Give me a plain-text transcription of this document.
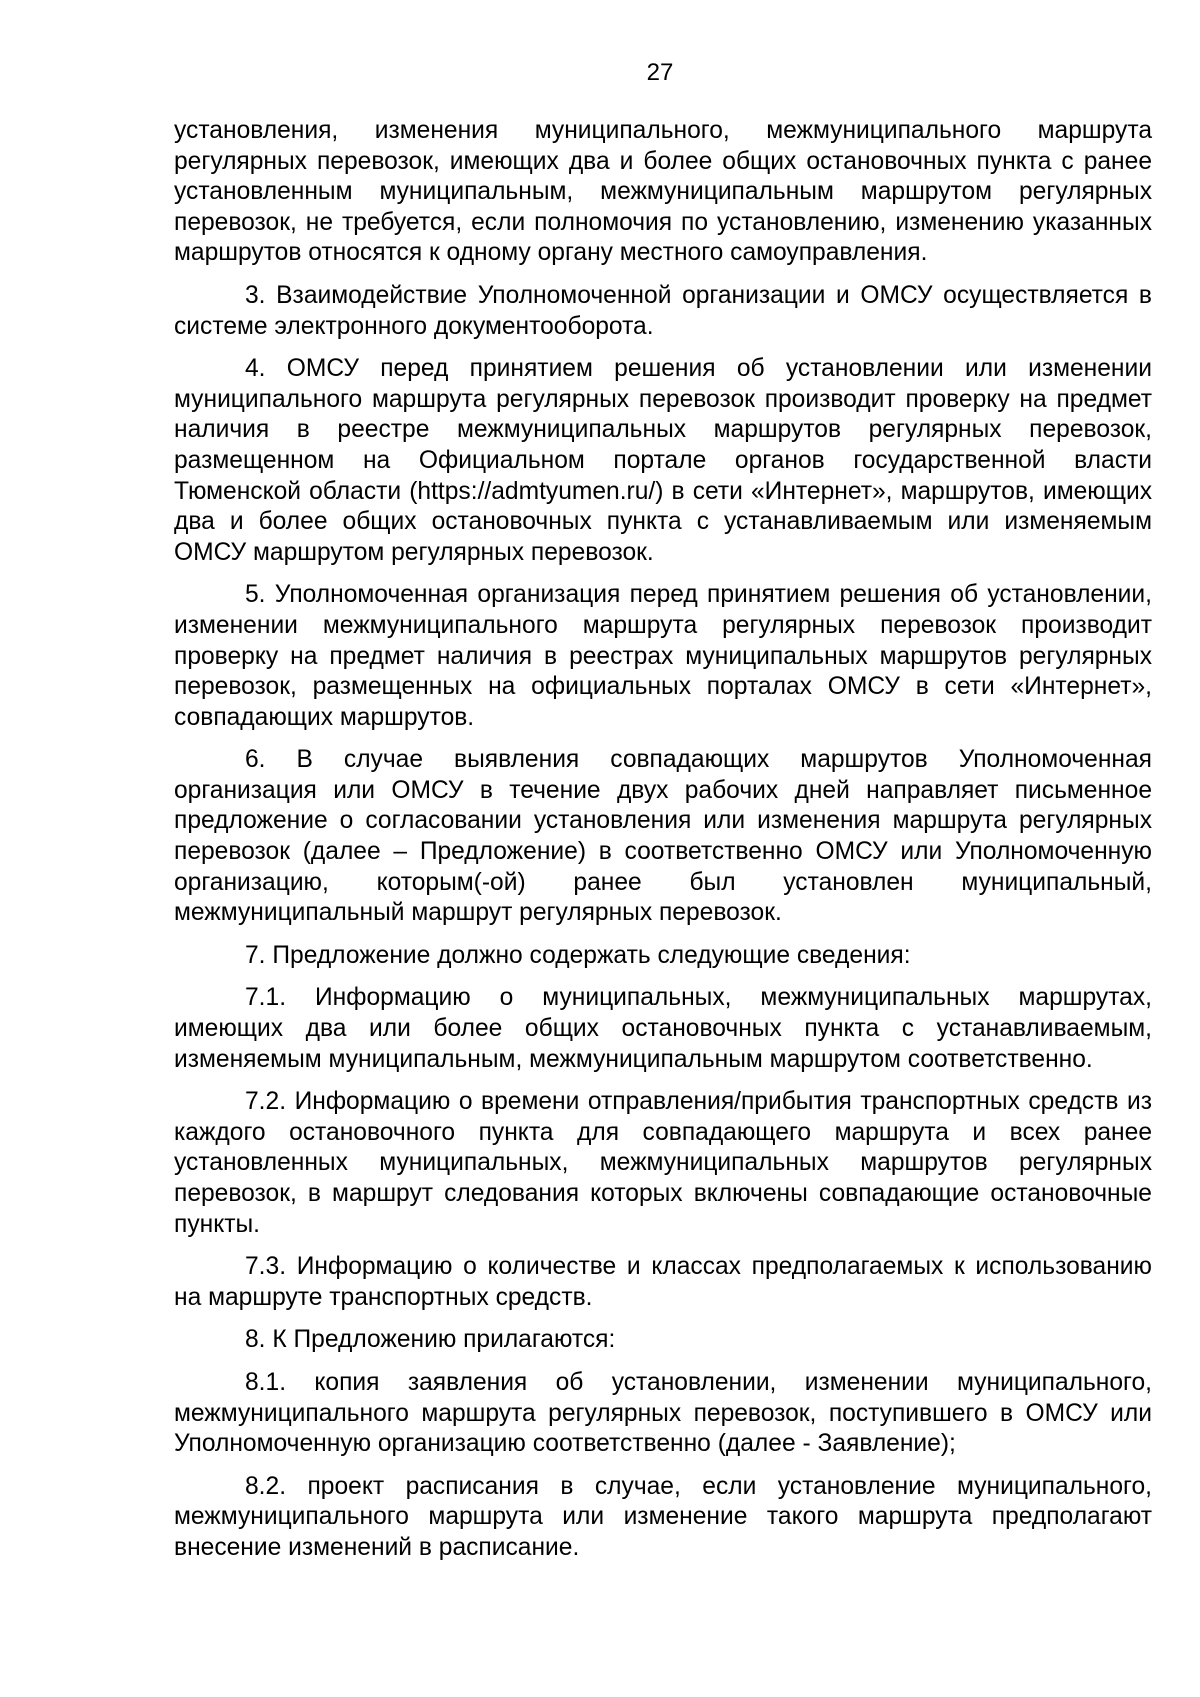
27

установления, изменения муниципального, межмуниципального маршрута регулярных перевозок, имеющих два и более общих остановочных пункта с ранее установленным муниципальным, межмуниципальным маршрутом регулярных перевозок, не требуется, если полномочия по установлению, изменению указанных маршрутов относятся к одному органу местного самоуправления.

3. Взаимодействие Уполномоченной организации и ОМСУ осуществляется в системе электронного документооборота.

4. ОМСУ перед принятием решения об установлении или изменении муниципального маршрута регулярных перевозок производит проверку на предмет наличия в реестре межмуниципальных маршрутов регулярных перевозок, размещенном на Официальном портале органов государственной власти Тюменской области (https://admtyumen.ru/) в сети «Интернет», маршрутов, имеющих два и более общих остановочных пункта с устанавливаемым или изменяемым ОМСУ маршрутом регулярных перевозок.

5. Уполномоченная организация перед принятием решения об установлении, изменении межмуниципального маршрута регулярных перевозок производит проверку на предмет наличия в реестрах муниципальных маршрутов регулярных перевозок, размещенных на официальных порталах ОМСУ в сети «Интернет», совпадающих маршрутов.

6. В случае выявления совпадающих маршрутов Уполномоченная организация или ОМСУ в течение двух рабочих дней направляет письменное предложение о согласовании установления или изменения маршрута регулярных перевозок (далее – Предложение) в соответственно ОМСУ или Уполномоченную организацию, которым(-ой) ранее был установлен муниципальный, межмуниципальный маршрут регулярных перевозок.

7. Предложение должно содержать следующие сведения:

7.1. Информацию о муниципальных, межмуниципальных маршрутах, имеющих два или более общих остановочных пункта с устанавливаемым, изменяемым муниципальным, межмуниципальным маршрутом соответственно.

7.2. Информацию о времени отправления/прибытия транспортных средств из каждого остановочного пункта для совпадающего маршрута и всех ранее установленных муниципальных, межмуниципальных маршрутов регулярных перевозок, в маршрут следования которых включены совпадающие остановочные пункты.

7.3. Информацию о количестве и классах предполагаемых к использованию на маршруте транспортных средств.

8. К Предложению прилагаются:

8.1. копия заявления об установлении, изменении муниципального, межмуниципального маршрута регулярных перевозок, поступившего в ОМСУ или Уполномоченную организацию соответственно (далее - Заявление);

8.2. проект расписания в случае, если установление муниципального, межмуниципального маршрута или изменение такого маршрута предполагают внесение изменений в расписание.
